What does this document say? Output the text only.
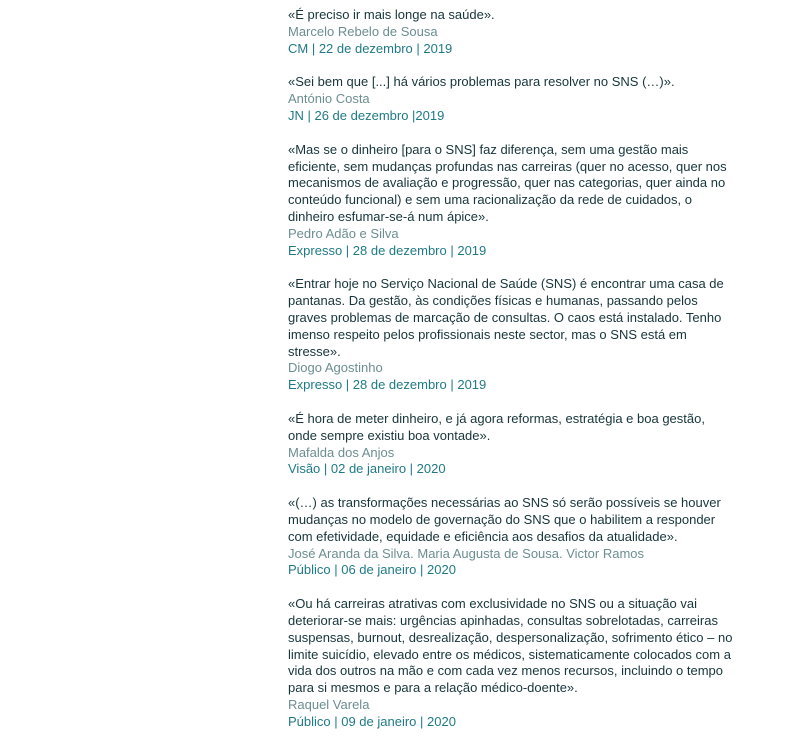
«É preciso ir mais longe na saúde».
Marcelo Rebelo de Sousa
CM | 22 de dezembro | 2019
«Sei bem que [...] há vários problemas para resolver no SNS (…)».
António Costa
JN | 26 de dezembro |2019
«Mas se o dinheiro [para o SNS] faz diferença, sem uma gestão mais eficiente, sem mudanças profundas nas carreiras (quer no acesso, quer nos mecanismos de avaliação e progressão, quer nas categorias, quer ainda no conteúdo funcional) e sem uma racionalização da rede de cuidados, o dinheiro esfumar-se-á num ápice».
Pedro Adão e Silva
Expresso | 28 de dezembro | 2019
«Entrar hoje no Serviço Nacional de Saúde (SNS) é encontrar uma casa de pantanas. Da gestão, às condições físicas e humanas, passando pelos graves problemas de marcação de consultas. O caos está instalado. Tenho imenso respeito pelos profissionais neste sector, mas o SNS está em stresse».
Diogo Agostinho
Expresso | 28 de dezembro | 2019
«É hora de meter dinheiro, e já agora reformas, estratégia e boa gestão, onde sempre existiu boa vontade».
Mafalda dos Anjos
Visão | 02 de janeiro | 2020
«(…) as transformações necessárias ao SNS só serão possíveis se houver mudanças no modelo de governação do SNS que o habilitem a responder com efetividade, equidade e eficiência aos desafios da atualidade».
José Aranda da Silva. Maria Augusta de Sousa. Victor Ramos
Público | 06 de janeiro | 2020
«Ou há carreiras atrativas com exclusividade no SNS ou a situação vai deteriorar-se mais: urgências apinhadas, consultas sobrelotadas, carreiras suspensas, burnout, desrealização, despersonalização, sofrimento ético – no limite suicídio, elevado entre os médicos, sistematicamente colocados com a vida dos outros na mão e com cada vez menos recursos, incluindo o tempo para si mesmos e para a relação médico-doente».
Raquel Varela
Público | 09 de janeiro | 2020
